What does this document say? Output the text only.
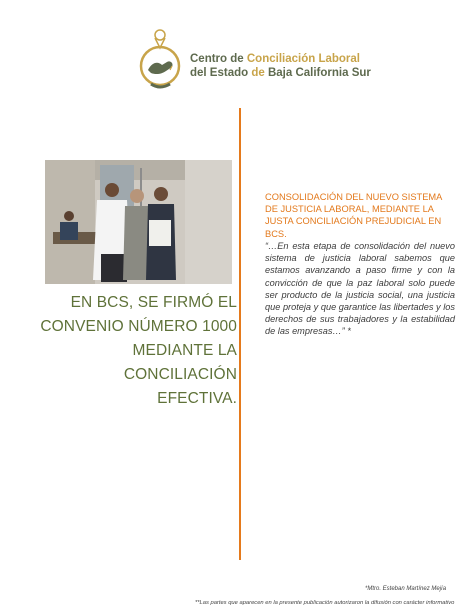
Centro de Conciliación Laboral
del Estado de Baja California Sur
EN BCS, SE FIRMÓ EL CONVENIO NÚMERO 1000 MEDIANTE LA CONCILIACIÓN EFECTIVA.
CONSOLIDACIÓN DEL NUEVO SISTEMA DE JUSTICIA LABORAL, MEDIANTE LA JUSTA CONCILIACIÓN PREJUDICIAL EN BCS.
“…En esta etapa de consolidación del nuevo sistema de justicia laboral sabemos que estamos avanzando a paso firme y con la convicción de que la paz laboral solo puede ser producto de la justicia social, una justicia que proteja y que garantice las libertades y los derechos de sus trabajadores y la estabilidad de las empresas…” *
*Mtro. Esteban Martínez Mejía
**Las partes que aparecen en la presente publicación autorizaron la difusión con carácter informativo
